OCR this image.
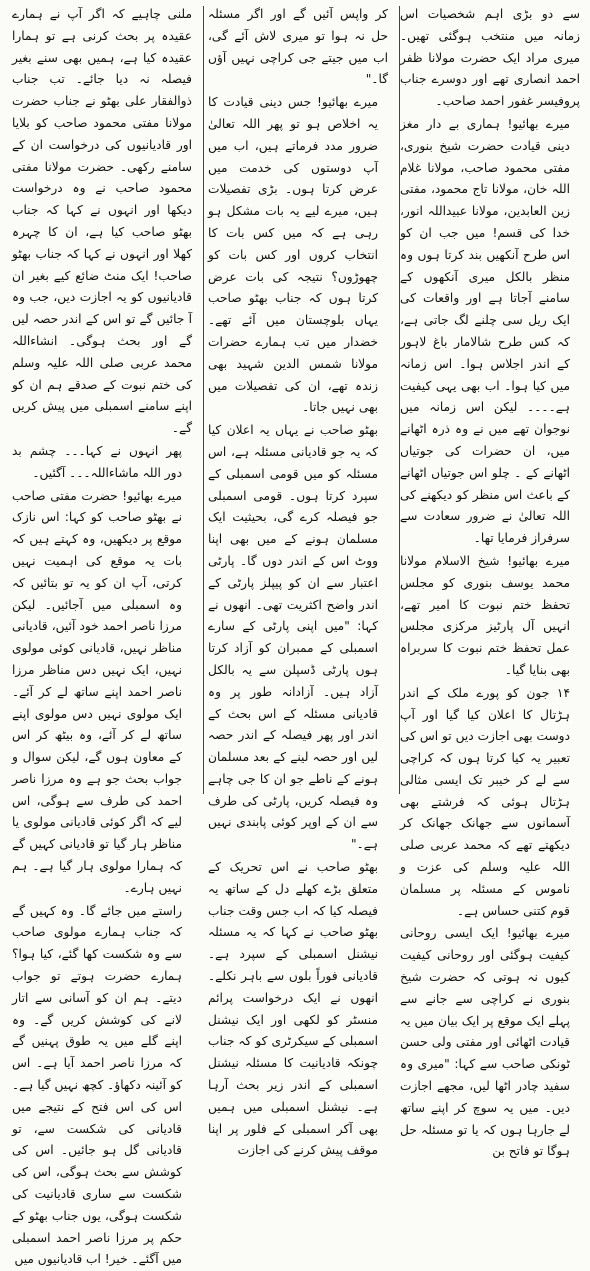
سے دو بڑی اہم شخصیات اس زمانہ میں منتخب ہوگئی تھیں۔ میری مراد ایک حضرت مولانا ظفر احمد انصاری تھے اور دوسرے جناب پروفیسر غفور احمد صاحب۔

میرے بھائیو! ہماری بے دار مغز دینی قیادت حضرت شیخ بنوری، مفتی محمود صاحب، مولانا غلام اللہ خان، مولانا تاج محمود، مفتی زین العابدین، مولانا عبیداللہ انور، خدا کی قسم! میں جب ان کو اس طرح آنکھیں بند کرتا ہوں وہ منظر بالکل میری آنکھوں کے سامنے آجاتا ہے اور واقعات کی ایک ریل سی چلنے لگ جاتی ہے، کہ کس طرح شالامار باغ لاہور کے اندر اجلاس ہوا۔ اس زمانہ میں کیا ہوا۔ اب بھی یہی کیفیت ہے۔۔۔۔ لیکن اس زمانہ میں نوجوان تھے میں نے وہ ذرہ اٹھانے میں، ان حضرات کی جوتیاں اٹھانے کے ۔ چلو اس جوتیاں اٹھانے کے باعث اس منظر کو دیکھنے کی اللہ تعالیٰ نے ضرور سعادت سے سرفراز فرمایا تھا۔

میرے بھائیو! شیخ الاسلام مولانا محمد یوسف بنوری کو مجلس تحفظ ختم نبوت کا امیر تھے، انہیں آل پارٹیز مرکزی مجلس عمل تحفظ ختم نبوت کا سربراہ بھی بنایا گیا۔

۱۴ جون کو پورے ملک کے اندر ہڑتال کا اعلان کیا گیا اور آپ دوست بھی اجازت دیں تو اس کی تعبیر یہ کیا کرتا ہوں کہ کراچی سے لے کر خیبر تک ایسی مثالی ہڑتال ہوئی کہ فرشتے بھی آسمانوں سے جھانک جھانک کر دیکھتے تھے کہ محمد عربی صلی اللہ علیہ وسلم کی عزت و ناموس کے مسئلہ پر مسلمان قوم کتنی حساس ہے۔

میرے بھائیو! ایک ایسی روحانی کیفیت ہوگئی اور روحانی کیفیت کیوں نہ ہوتی کہ حضرت شیخ بنوری نے کراچی سے جانے سے پہلے ایک موقع پر ایک بیان میں یہ قیادت اٹھائی اور مفتی ولی حسن ٹونکی صاحب سے کہا: "میری وہ سفید چادر اٹھا لیں، مجھے اجازت دیں۔ میں یہ سوچ کر اپنے ساتھ لے جارہا ہوں کہ یا تو مسئلہ حل ہوگا تو فاتح بن

کر واپس آئیں گے اور اگر مسئلہ حل نہ ہوا تو میری لاش آئے گی، اب میں جیتے جی کراچی نہیں آؤں گا۔"

میرے بھائیو! جس دینی قیادت کا یہ اخلاص ہو تو پھر اللہ تعالیٰ ضرور مدد فرماتے ہیں، اب میں آپ دوستوں کی خدمت میں عرض کرتا ہوں۔ بڑی تفصیلات ہیں، میرے لیے یہ بات مشکل ہو رہی ہے کہ میں کس بات کا انتخاب کروں اور کس بات کو چھوڑوں؟ نتیجہ کی بات عرض کرتا ہوں کہ جناب بھٹو صاحب یہاں بلوچستان میں آئے تھے۔ خضدار میں تب ہمارے حضرات مولانا شمس الدین شہید بھی زندہ تھے، ان کی تفصیلات میں بھی نہیں جاتا۔

بھٹو صاحب نے یہاں یہ اعلان کیا کہ یہ جو قادیانی مسئلہ ہے، اس مسئلہ کو میں قومی اسمبلی کے سپرد کرتا ہوں۔ قومی اسمبلی جو فیصلہ کرے گی، بحیثیت ایک مسلمان ہونے کے میں بھی اپنا ووٹ اس کے اندر دوں گا۔ پارٹی اعتبار سے ان کو پیپلز پارٹی کے اندر واضح اکثریت تھی۔ انھوں نے کہا: "میں اپنی پارٹی کے سارے اسمبلی کے ممبران کو آزاد کرتا ہوں پارٹی ڈسپلن سے یہ بالکل آزاد ہیں۔ آزادانہ طور پر وہ قادیانی مسئلہ کے اس بحث کے اندر اور پھر فیصلہ کے اندر حصہ لیں اور حصہ لینے کے بعد مسلمان ہونے کے ناطے جو ان کا جی چاہے وہ فیصلہ کریں، پارٹی کی طرف سے ان کے اوپر کوئی پابندی نہیں ہے۔"

بھٹو صاحب نے اس تحریک کے متعلق بڑے کھلے دل کے ساتھ یہ فیصلہ کیا کہ اب جس وقت جناب بھٹو صاحب نے کہا کہ یہ مسئلہ نیشنل اسمبلی کے سپرد ہے۔ قادیانی فوراً بلوں سے باہر نکلے۔ انھوں نے ایک درخواست پرائم منسٹر کو لکھی اور ایک نیشنل اسمبلی کے سیکرٹری کو کہ جناب چونکہ قادیانیت کا مسئلہ نیشنل اسمبلی کے اندر زیر بحث آرہا ہے۔ نیشنل اسمبلی میں ہمیں بھی آکر اسمبلی کے فلور پر اپنا موقف پیش کرنے کی اجازت

ملنی چاہیے کہ اگر آپ نے ہمارے عقیدہ پر بحث کرنی ہے تو ہمارا عقیدہ کیا ہے، ہمیں بھی سنے بغیر فیصلہ نہ دیا جائے۔ تب جناب ذوالفقار علی بھٹو نے جناب حضرت مولانا مفتی محمود صاحب کو بلایا اور قادیانیوں کی درخواست ان کے سامنے رکھی۔ حضرت مولانا مفتی محمود صاحب نے وہ درخواست دیکھا اور انہوں نے کہا کہ جناب بھٹو صاحب کیا ہے، ان کا چہرہ کھلا اور انہوں نے کہا کہ جناب بھٹو صاحب! ایک منٹ ضائع کیے بغیر ان قادیانیوں کو یہ اجازت دیں، جب وہ آ جائیں گے تو اس کے اندر حصہ لیں گے اور بحث ہوگی۔ انشاءاللہ محمد عربی صلی اللہ علیہ وسلم کی ختم نبوت کے صدقے ہم ان کو اپنے سامنے اسمبلی میں پیش کریں گے۔

پھر انہوں نے کہا۔۔۔ چشم بد دور اللہ ماشاءاللہ۔۔۔ آگئیں۔

میرے بھائیو! حضرت مفتی صاحب نے بھٹو صاحب کو کہا: اس نازک موقع پر دیکھیں، وہ کہتے ہیں کہ بات یہ موقع کی اہمیت نہیں کرتی، آپ ان کو یہ تو بتائیں کہ وہ اسمبلی میں آجائیں۔ لیکن مرزا ناصر احمد خود آئیں، قادیانی مناظر نہیں، قادیانی کوئی مولوی نہیں، ایک نہیں دس مناظر مرزا ناصر احمد اپنے ساتھ لے کر آئے۔ ایک مولوی نہیں دس مولوی اپنے ساتھ لے کر آئے، وہ بیٹھ کر اس کے معاون ہوں گے، لیکن سوال و جواب بحث جو ہے وہ مرزا ناصر احمد کی طرف سے ہوگی، اس لیے کہ اگر کوئی قادیانی مولوی یا مناظر ہار گیا تو قادیانی کہیں گے کہ ہمارا مولوی ہار گیا ہے۔ ہم نہیں ہارے۔

راستے میں جائے گا۔ وہ کہیں گے کہ جناب ہمارے مولوی صاحب سے وہ شکست کھا گئے، کیا ہوا؟ ہمارے حضرت ہوتے تو جواب دیتے۔ ہم ان کو آسانی سے اتار لانے کی کوشش کریں گے۔ وہ اپنے گلے میں یہ طوق پہنیں گے کہ مرزا ناصر احمد آیا ہے۔ اس کو آئینہ دکھاؤ۔ کچھ نہیں گیا ہے۔ اس کی اس فتح کے نتیجے میں قادیانی کی شکست سے، تو قادیانی گل ہو جائیں۔ اس کی کوشش سے بحث ہوگی، اس کی شکست سے ساری قادیانیت کی شکست ہوگی، یوں جناب بھٹو کے حکم پر مرزا ناصر احمد اسمبلی میں آگئے۔ خیر! اب قادیانیوں میں
